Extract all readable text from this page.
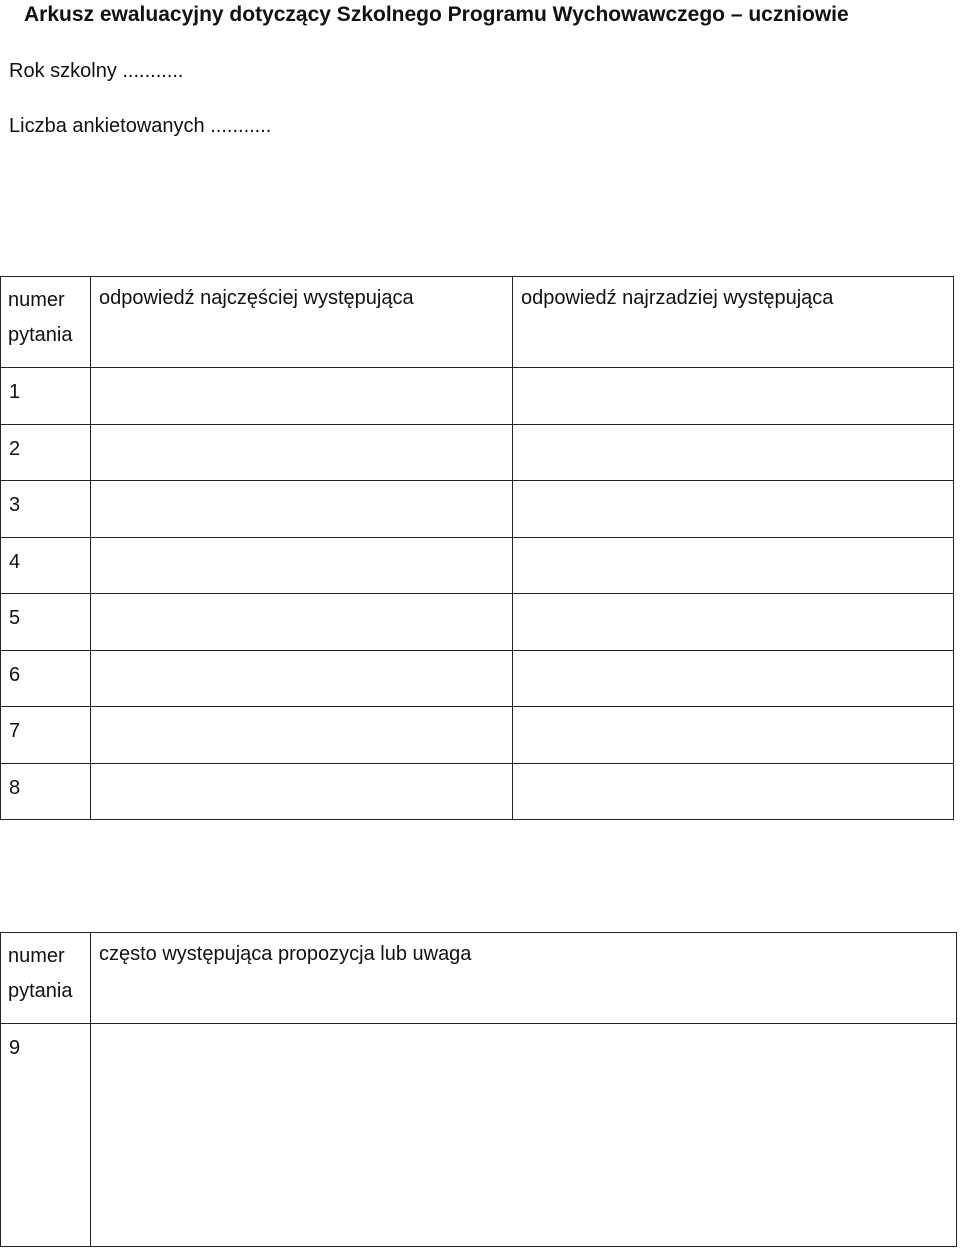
Arkusz ewaluacyjny dotyczący Szkolnego Programu Wychowawczego – uczniowie
Rok szkolny ...........
Liczba ankietowanych ...........
numer pytania	odpowiedź najczęściej występująca	odpowiedź najrzadziej występująca

1		

2		

3		

4		

5		

6		

7		

8		

numer pytania	często występująca propozycja lub uwaga

9	
